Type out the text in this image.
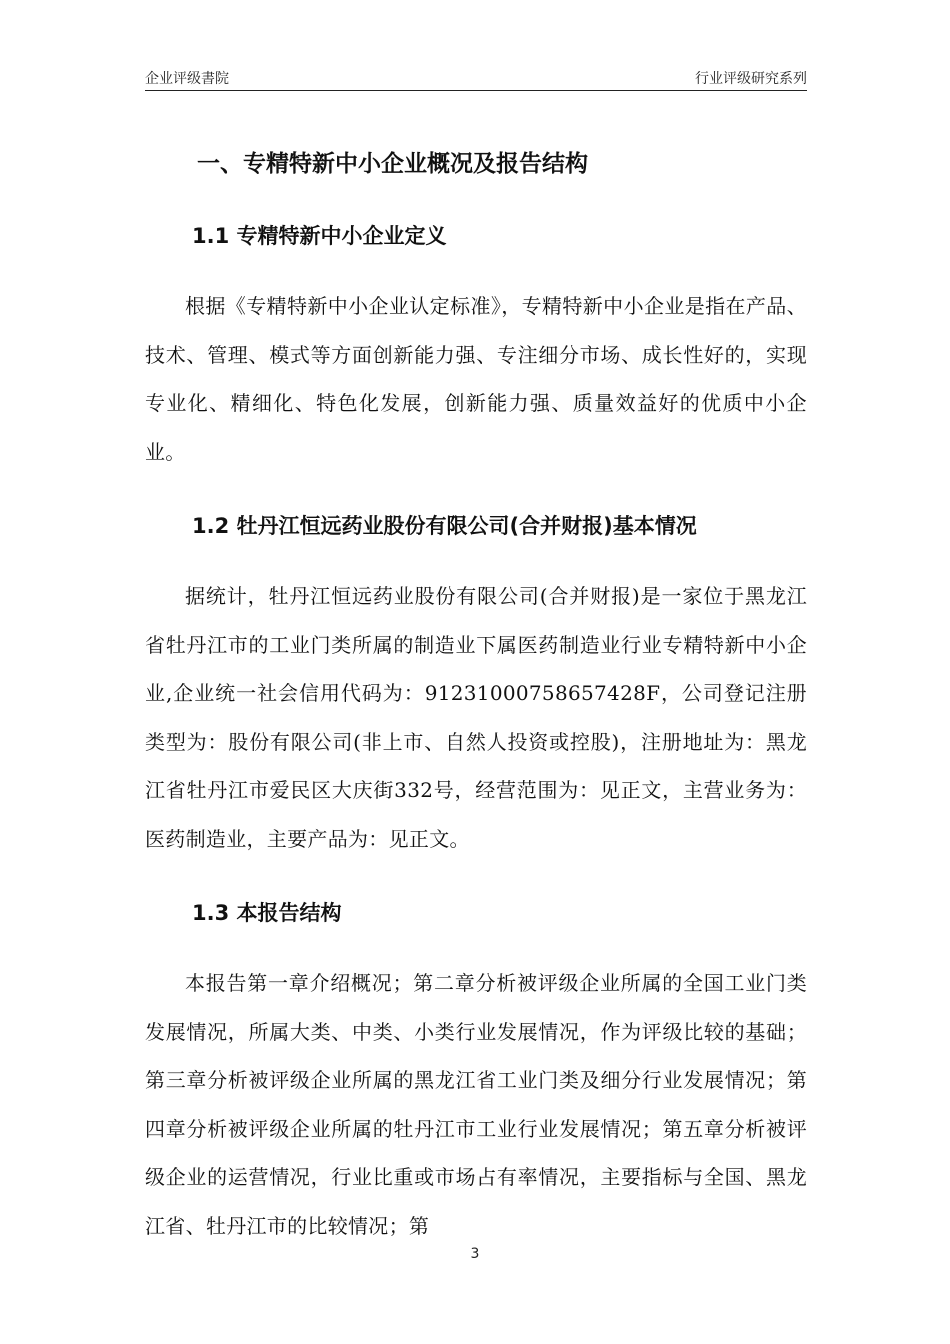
企业评级書院	行业评级研究系列
一、专精特新中小企业概况及报告结构
1.1 专精特新中小企业定义

根据《专精特新中小企业认定标准》，专精特新中小企业是指在产品、技术、管理、模式等方面创新能力强、专注细分市场、成长性好的，实现专业化、精细化、特色化发展，创新能力强、质量效益好的优质中小企业。

1.2 牡丹江恒远药业股份有限公司(合并财报)基本情况

据统计，牡丹江恒远药业股份有限公司(合并财报)是一家位于黑龙江省牡丹江市的工业门类所属的制造业下属医药制造业行业专精特新中小企业,企业统一社会信用代码为：91231000758657428F，公司登记注册类型为：股份有限公司(非上市、自然人投资或控股)，注册地址为：黑龙江省牡丹江市爱民区大庆街332号，经营范围为：见正文，主营业务为：医药制造业，主要产品为：见正文。

1.3 本报告结构

本报告第一章介绍概况；第二章分析被评级企业所属的全国工业门类发展情况，所属大类、中类、小类行业发展情况，作为评级比较的基础；第三章分析被评级企业所属的黑龙江省工业门类及细分行业发展情况；第四章分析被评级企业所属的牡丹江市工业行业发展情况；第五章分析被评级企业的运营情况，行业比重或市场占有率情况，主要指标与全国、黑龙江省、牡丹江市的比较情况；第

3
